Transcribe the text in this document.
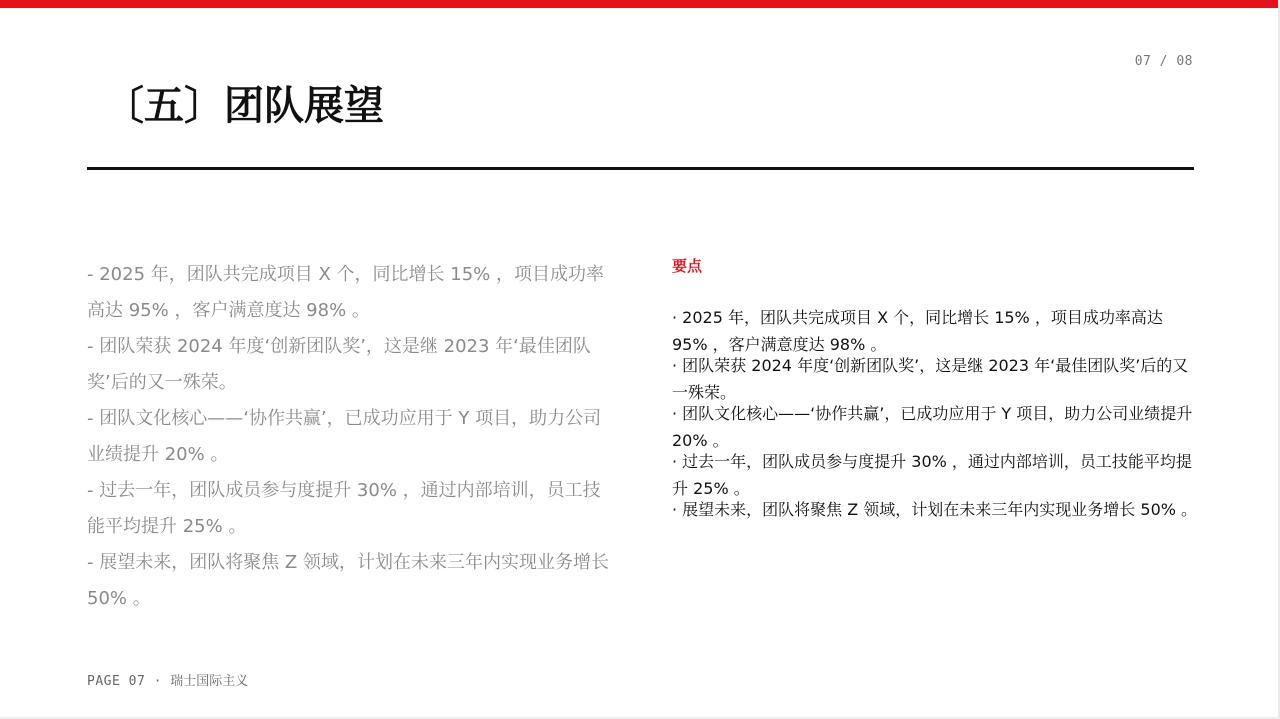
07 / 08
〔五〕团队展望
- 2025 年，团队共完成项目 X 个，同比增长 15% ，项目成功率高达 95% ，客户满意度达 98% 。
- 团队荣获 2024 年度‘创新团队奖’，这是继 2023 年‘最佳团队奖’后的又一殊荣。
- 团队文化核心——‘协作共赢’，已成功应用于 Y 项目，助力公司业绩提升 20% 。
- 过去一年，团队成员参与度提升 30% ，通过内部培训，员工技能平均提升 25% 。
- 展望未来，团队将聚焦 Z 领域，计划在未来三年内实现业务增长 50% 。
要点
· 2025 年，团队共完成项目 X 个，同比增长 15% ，项目成功率高达 95% ，客户满意度达 98% 。
· 团队荣获 2024 年度‘创新团队奖’，这是继 2023 年‘最佳团队奖’后的又一殊荣。
· 团队文化核心——‘协作共赢’，已成功应用于 Y 项目，助力公司业绩提升 20% 。
· 过去一年，团队成员参与度提升 30% ，通过内部培训，员工技能平均提升 25% 。
· 展望未来，团队将聚焦 Z 领域，计划在未来三年内实现业务增长 50% 。
PAGE 07 · 瑞士国际主义
